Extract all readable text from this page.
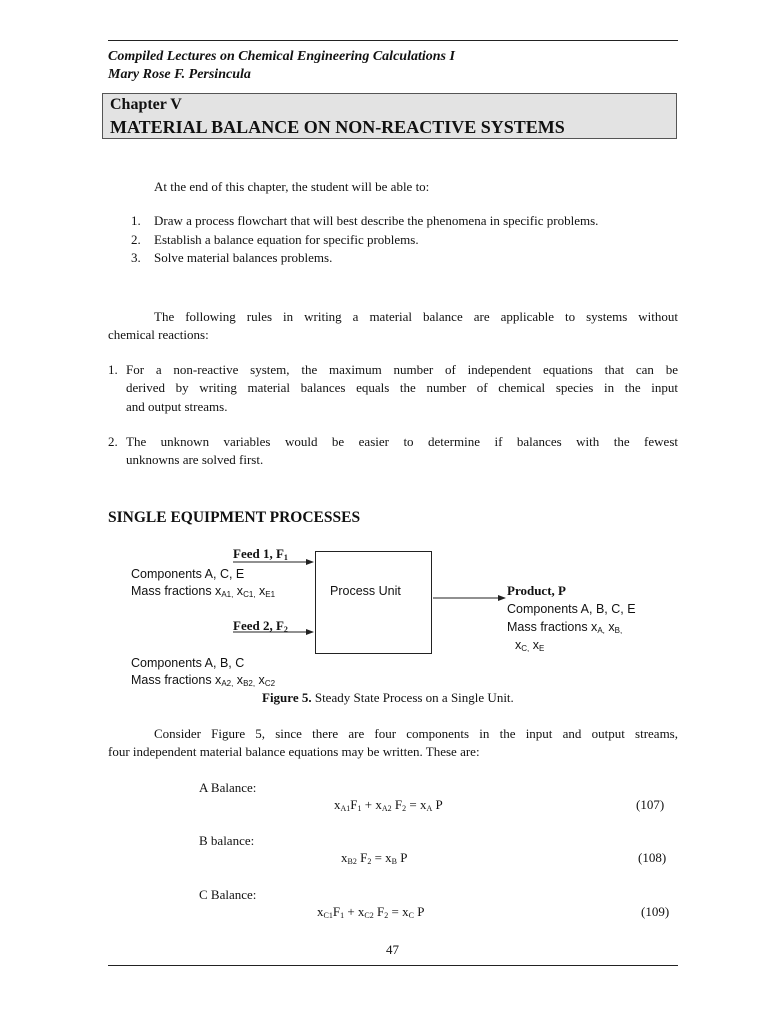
Compiled Lectures on Chemical Engineering Calculations I
Mary Rose F. Persincula
Chapter V
MATERIAL BALANCE ON NON-REACTIVE SYSTEMS
At the end of this chapter, the student will be able to:
1. Draw a process flowchart that will best describe the phenomena in specific problems.
2. Establish a balance equation for specific problems.
3. Solve material balances problems.
The following rules in writing a material balance are applicable to systems without
chemical reactions:
1. For a non-reactive system, the maximum number of independent equations that can be
derived by writing material balances equals the number of chemical species in the input
and output streams.
2. The unknown variables would be easier to determine if balances with the fewest
unknowns are solved first.
SINGLE EQUIPMENT PROCESSES
Process Unit
Feed 1, $F_1$
Components A, C, E
Mass fractions $x_{A1,}$ $x_{C1,}$ $x_{E1}$
Feed 2, $F_2$
Components A, B, C
Mass fractions $x_{A2,}$ $x_{B2,}$ $x_{C2}$
Product, P
Components A, B, C, E
Mass fractions $x_{A,}$ $x_{B,}$
$x_{C,}$ $x_E$
Figure 5. Steady State Process on a Single Unit.
Consider Figure 5, since there are four components in the input and output streams,
four independent material balance equations may be written. These are:
A Balance:
$x_{A1}F_1 + x_{A2}$ $F_2 = x_A$ P	(107)
B balance:
$x_{B2}$ $F_2 = x_B$ P	(108)
C Balance:
$x_{C1}F_1 + x_{C2}$ $F_2 = x_C$ P	(109)
47
